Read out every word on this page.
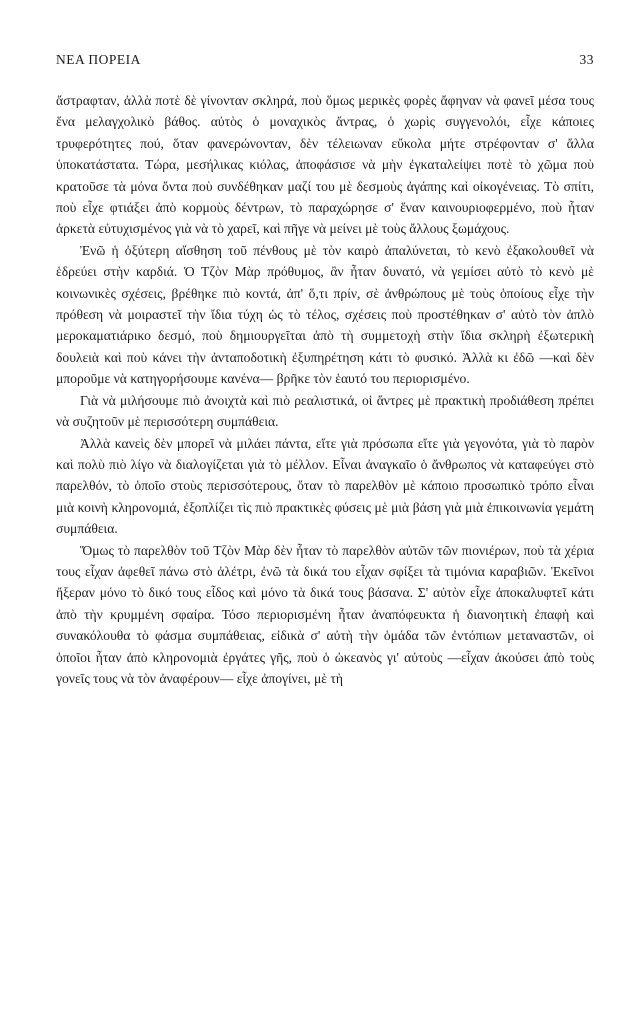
ΝΕΑ ΠΟΡΕΙΑ	33

ἄστραφταν, ἀλλὰ ποτὲ δὲ γίνονταν σκληρά, ποὺ ὅμως μερικὲς φορὲς ἄφηναν νὰ φανεῖ μέσα τους ἕνα μελαγχολικὸ βάθος. αὐτὸς ὁ μοναχικὸς ἄντρας, ὁ χωρὶς συγγενολόι, εἶχε κάποιες τρυφερότητες πού, ὅταν φανερώνονταν, δὲν τέλειωναν εὔκολα μήτε στρέφονταν σ' ἄλλα ὑποκατάστατα. Τώρα, μεσήλικας κιόλας, ἀποφάσισε νὰ μὴν ἐγκαταλείψει ποτὲ τὸ χῶμα ποὺ κρατοῦσε τὰ μόνα ὄντα ποὺ συνδέθηκαν μαζί του μὲ δεσμοὺς ἀγάπης καὶ οἰκογένειας. Τὸ σπίτι, ποὺ εἶχε φτιάξει ἀπὸ κορμοὺς δέντρων, τὸ παραχώρησε σ' ἕναν καινουριοφερμένο, ποὺ ἦταν ἀρκετὰ εὐτυχισμένος γιὰ νὰ τὸ χαρεῖ, καὶ πῆγε νὰ μείνει μὲ τοὺς ἄλλους ξωμάχους.

Ἐνῶ ἡ ὀξύτερη αἴσθηση τοῦ πένθους μὲ τὸν καιρὸ ἀπαλύνεται, τὸ κενὸ ἐξακολουθεῖ νὰ ἑδρεύει στὴν καρδιά. Ὁ Τζὸν Μὰρ πρόθυμος, ἂν ἦταν δυνατό, νὰ γεμίσει αὐτὸ τὸ κενὸ μὲ κοινωνικὲς σχέσεις, βρέθηκε πιὸ κοντά, ἀπ' ὅ,τι πρίν, σὲ ἀνθρώπους μὲ τοὺς ὁποίους εἶχε τὴν πρόθεση νὰ μοιραστεῖ τὴν ἴδια τύχη ὡς τὸ τέλος, σχέσεις ποὺ προστέθηκαν σ' αὐτὸ τὸν ἁπλὸ μεροκαματιάρικο δεσμό, ποὺ δημιουργεῖται ἀπὸ τὴ συμμετοχὴ στὴν ἴδια σκληρὴ ἐξωτερικὴ δουλειὰ καὶ ποὺ κάνει τὴν ἀνταποδοτικὴ ἐξυπηρέτηση κάτι τὸ φυσικό. Ἀλλὰ κι ἐδῶ —καὶ δὲν μποροῦμε νὰ κατηγορήσουμε κανένα— βρῆκε τὸν ἑαυτό του περιορισμένο.

Γιὰ νὰ μιλήσουμε πιὸ ἀνοιχτὰ καὶ πιὸ ρεαλιστικά, οἱ ἄντρες μὲ πρακτικὴ προδιάθεση πρέπει νὰ συζητοῦν μὲ περισσότερη συμπάθεια.

Ἀλλὰ κανεὶς δὲν μπορεῖ νὰ μιλάει πάντα, εἴτε γιὰ πρόσωπα εἴτε γιὰ γεγονότα, γιὰ τὸ παρὸν καὶ πολὺ πιὸ λίγο νὰ διαλογίζεται γιὰ τὸ μέλλον. Εἶναι ἀναγκαῖο ὁ ἄνθρωπος νὰ καταφεύγει στὸ παρελθόν, τὸ ὁποῖο στοὺς περισσότερους, ὅταν τὸ παρελθὸν μὲ κάποιο προσωπικὸ τρόπο εἶναι μιὰ κοινὴ κληρονομιά, ἐξοπλίζει τὶς πιὸ πρακτικὲς φύσεις μὲ μιὰ βάση γιὰ μιὰ ἐπικοινωνία γεμάτη συμπάθεια.

Ὅμως τὸ παρελθὸν τοῦ Τζὸν Μὰρ δὲν ἦταν τὸ παρελθὸν αὐτῶν τῶν πιονιέρων, ποὺ τὰ χέρια τους εἶχαν ἀφεθεῖ πάνω στὸ ἀλέτρι, ἐνῶ τὰ δικά του εἶχαν σφίξει τὰ τιμόνια καραβιῶν. Ἐκεῖνοι ἤξεραν μόνο τὸ δικό τους εἶδος καὶ μόνο τὰ δικά τους βάσανα. Σ' αὐτὸν εἶχε ἀποκαλυφτεῖ κάτι ἀπὸ τὴν κρυμμένη σφαίρα. Τόσο περιορισμένη ἦταν ἀναπόφευκτα ἡ διανοητικὴ ἐπαφὴ καὶ συνακόλουθα τὸ φάσμα συμπάθειας, εἰδικὰ σ' αὐτὴ τὴν ὁμάδα τῶν ἐντόπιων μεταναστῶν, οἱ ὁποῖοι ἦταν ἀπὸ κληρονομιὰ ἐργάτες γῆς, ποὺ ὁ ὠκεανὸς γι' αὐτοὺς —εἶχαν ἀκούσει ἀπὸ τοὺς γονεῖς τους νὰ τὸν ἀναφέρουν— εἶχε ἀπογίνει, μὲ τὴ
